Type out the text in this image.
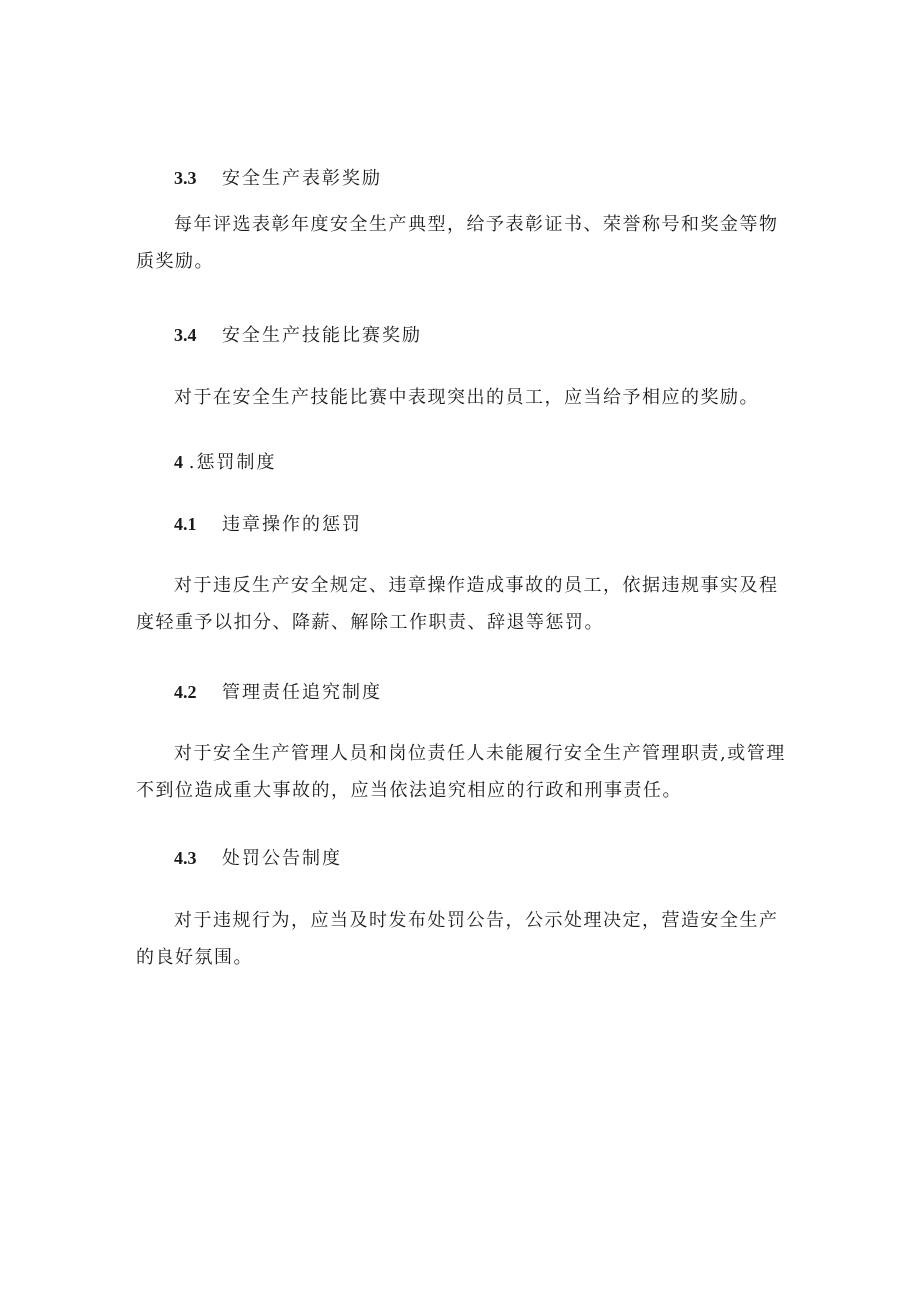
3.3 安全生产表彰奖励

每年评选表彰年度安全生产典型，给予表彰证书、荣誉称号和奖金等物质奖励。

3.4 安全生产技能比赛奖励

对于在安全生产技能比赛中表现突出的员工，应当给予相应的奖励。

4 .惩罚制度
4.1 违章操作的惩罚

对于违反生产安全规定、违章操作造成事故的员工，依据违规事实及程度轻重予以扣分、降薪、解除工作职责、辞退等惩罚。

4.2 管理责任追究制度

对于安全生产管理人员和岗位责任人未能履行安全生产管理职责,或管理不到位造成重大事故的，应当依法追究相应的行政和刑事责任。

4.3 处罚公告制度

对于违规行为，应当及时发布处罚公告，公示处理决定，营造安全生产的良好氛围。
